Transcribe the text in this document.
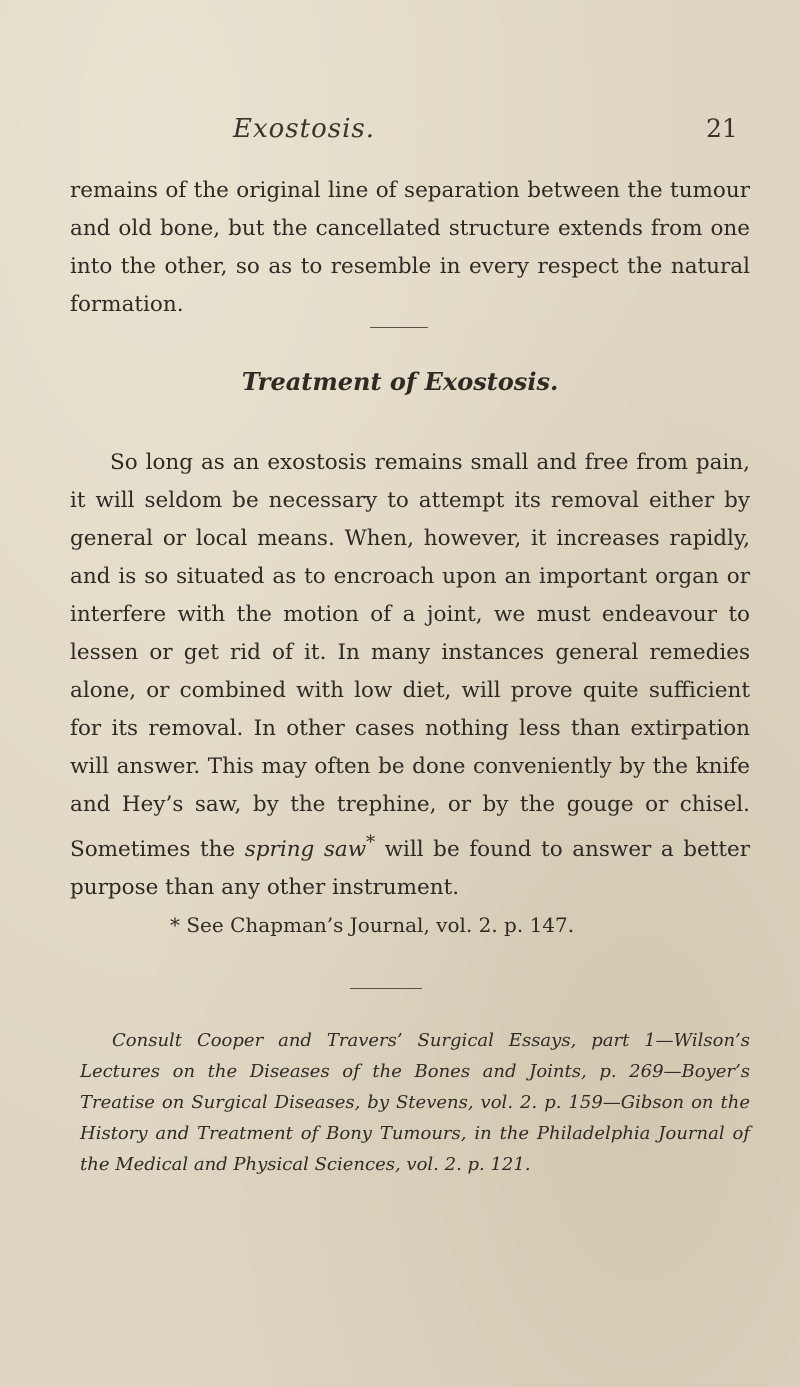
Exostosis.	21

remains of the original line of separation between the tumour and old bone, but the cancellated structure extends from one into the other, so as to resemble in every respect the natural formation.

Treatment of Exostosis.

So long as an exostosis remains small and free from pain, it will seldom be necessary to attempt its removal either by general or local means. When, however, it increases rapidly, and is so situated as to encroach upon an important organ or interfere with the motion of a joint, we must endeavour to lessen or get rid of it. In many instances general remedies alone, or combined with low diet, will prove quite sufficient for its removal. In other cases nothing less than extirpation will answer. This may often be done conveniently by the knife and Hey’s saw, by the trephine, or by the gouge or chisel. Sometimes the spring saw* will be found to answer a better purpose than any other instrument.

* See Chapman’s Journal, vol. 2. p. 147.

Consult Cooper and Travers’ Surgical Essays, part 1—Wilson’s Lectures on the Diseases of the Bones and Joints, p. 269—Boyer’s Treatise on Surgical Diseases, by Stevens, vol. 2. p. 159—Gibson on the History and Treatment of Bony Tumours, in the Philadelphia Journal of the Medical and Physical Sciences, vol. 2. p. 121.
